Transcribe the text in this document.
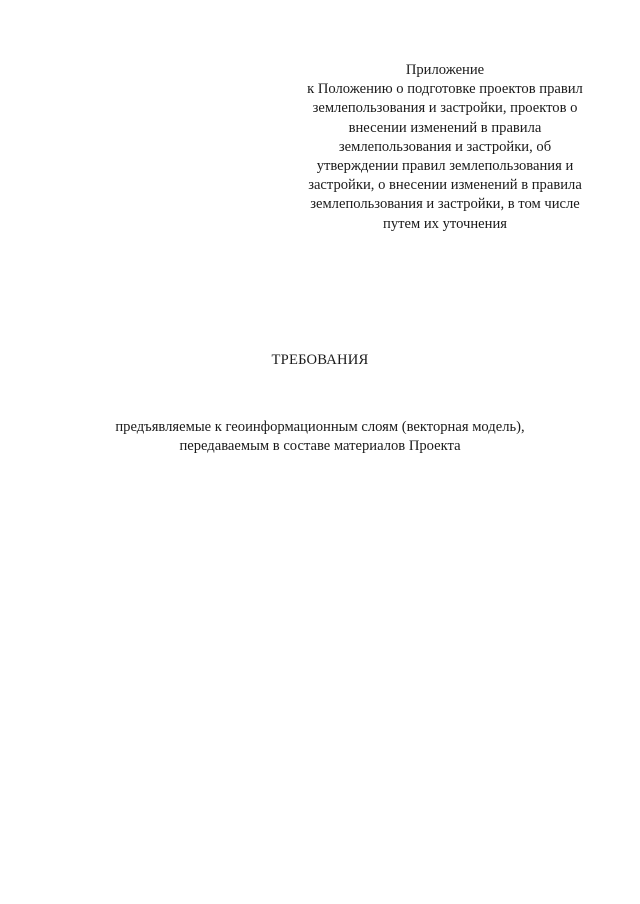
Приложение
к Положению о подготовке проектов правил
землепользования и застройки, проектов о
внесении изменений в правила
землепользования и застройки, об
утверждении правил землепользования и
застройки, о внесении изменений в правила
землепользования и застройки, в том числе
путем их уточнения
ТРЕБОВАНИЯ
предъявляемые к геоинформационным слоям (векторная модель),
передаваемым в составе материалов Проекта
